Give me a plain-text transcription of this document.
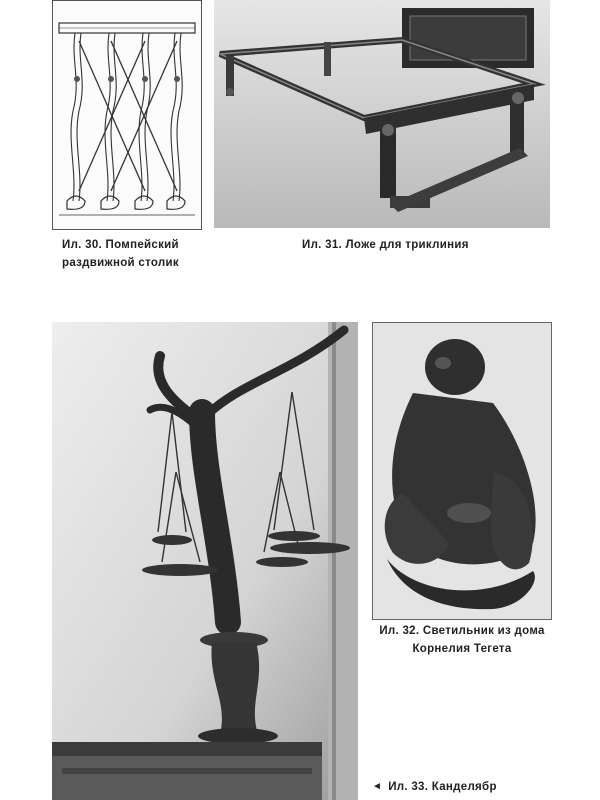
Ил. 30. Помпейский
раздвижной столик
Ил. 31. Ложе для триклиния
Ил. 32. Светильник из дома
Корнелия Тегета
◄ Ил. 33. Канделябр
